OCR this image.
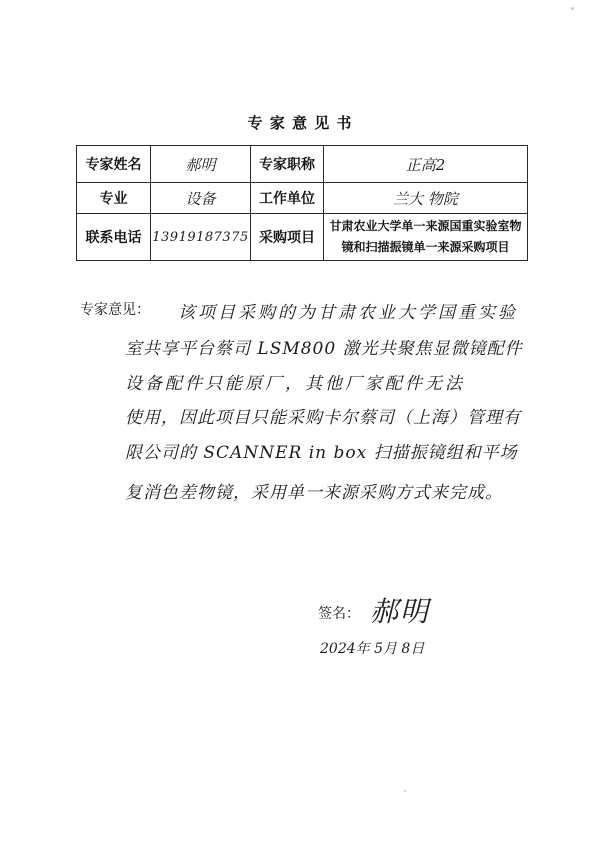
专 家 意 见 书
专家姓名	郝明	专家职称	正高2
专业	设备	工作单位	兰大 物院
联系电话	13919187375	采购项目	甘肃农业大学单一来源国重实验室物
镜和扫描振镜单一来源采购项目
专家意见： 该项目采购的为甘肃农业大学国重实验
室共享平台蔡司 LSM800 激光共聚焦显微镜配件
设备配件只能原厂，其他厂家配件无法
使用，因此项目只能采购卡尔蔡司（上海）管理有
限公司的 SCANNER in box 扫描振镜组和平场
复消色差物镜，采用单一来源采购方式来完成。
签名： 郝明
2024年 5月 8日
